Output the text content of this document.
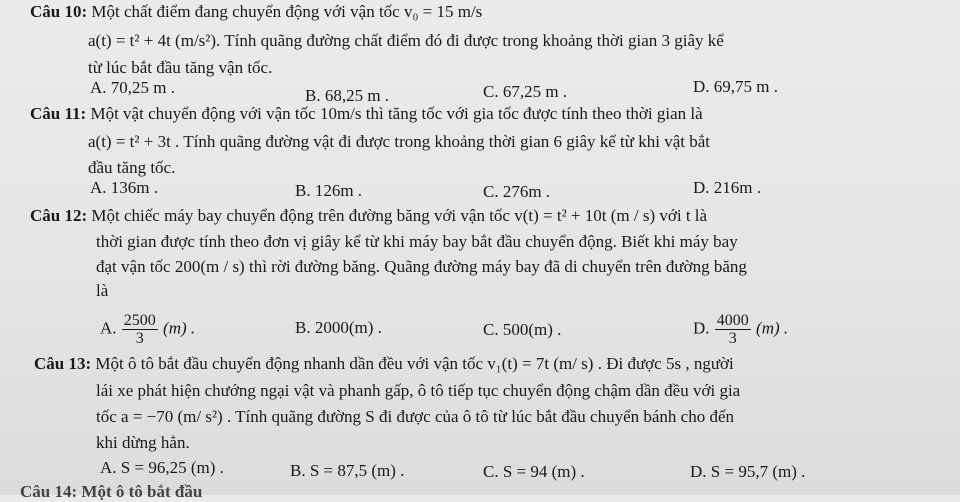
Câu 10: Một chất điểm đang chuyển động với vận tốc v₀ = 15 m/s
a(t) = t² + 4t (m/s²). Tính quãng đường chất điểm đó đi được trong khoảng thời gian 3 giây kể
từ lúc bắt đầu tăng vận tốc.
A. 70,25 m .	B. 68,25 m .	C. 67,25 m .	D. 69,75 m .
Câu 11: Một vật chuyển động với vận tốc 10m/s thì tăng tốc với gia tốc được tính theo thời gian là
a(t) = t² + 3t . Tính quãng đường vật đi được trong khoảng thời gian 6 giây kể từ khi vật bắt
đầu tăng tốc.
A. 136m .	B. 126m .	C. 276m .	D. 216m .
Câu 12: Một chiếc máy bay chuyển động trên đường băng với vận tốc v(t) = t² + 10t (m / s) với t là
thời gian được tính theo đơn vị giây kể từ khi máy bay bắt đầu chuyển động. Biết khi máy bay
đạt vận tốc 200(m / s) thì rời đường băng. Quãng đường máy bay đã di chuyển trên đường băng
là
A. $\frac{2500}{3} (m)$ .	B. 2000(m) .	C. 500(m) .	D. $\frac{4000}{3} (m)$ .
Câu 13: Một ô tô bắt đầu chuyển động nhanh dần đều với vận tốc v₁(t) = 7t (m/ s) . Đi được 5s , người
lái xe phát hiện chướng ngại vật và phanh gấp, ô tô tiếp tục chuyển động chậm dần đều với gia
tốc a = −70 (m/ s²) . Tính quãng đường S đi được của ô tô từ lúc bắt đầu chuyển bánh cho đến
khi dừng hẳn.
A. S = 96,25 (m) .	B. S = 87,5 (m) .	C. S = 94 (m) .	D. S = 95,7 (m) .
Câu 14: Một ô tô bắt đầu
